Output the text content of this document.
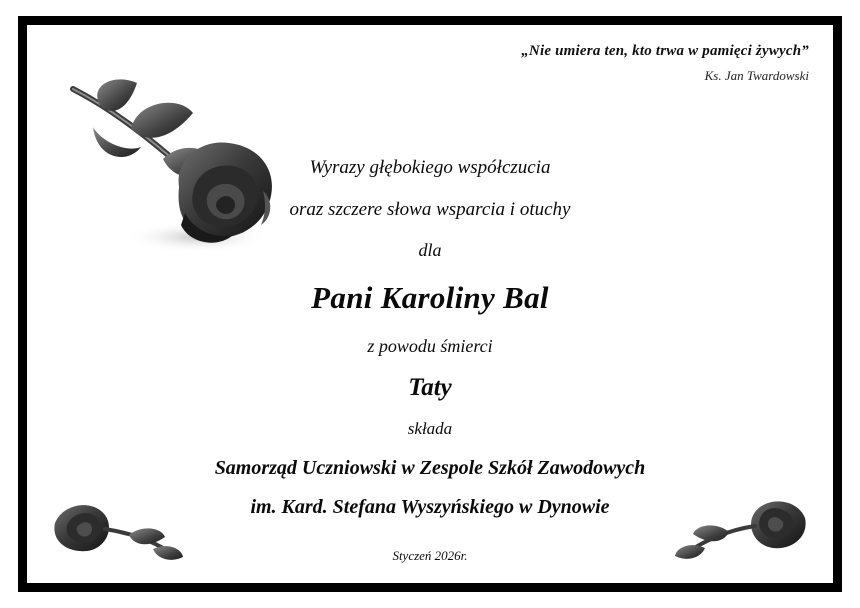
„Nie umiera ten, kto trwa w pamięci żywych”
Ks. Jan Twardowski
Wyrazy głębokiego współczucia
oraz szczere słowa wsparcia i otuchy
dla
Pani Karoliny Bal
z powodu śmierci
Taty
składa
Samorząd Uczniowski w Zespole Szkół Zawodowych
im. Kard. Stefana Wyszyńskiego w Dynowie
Styczeń 2026r.
